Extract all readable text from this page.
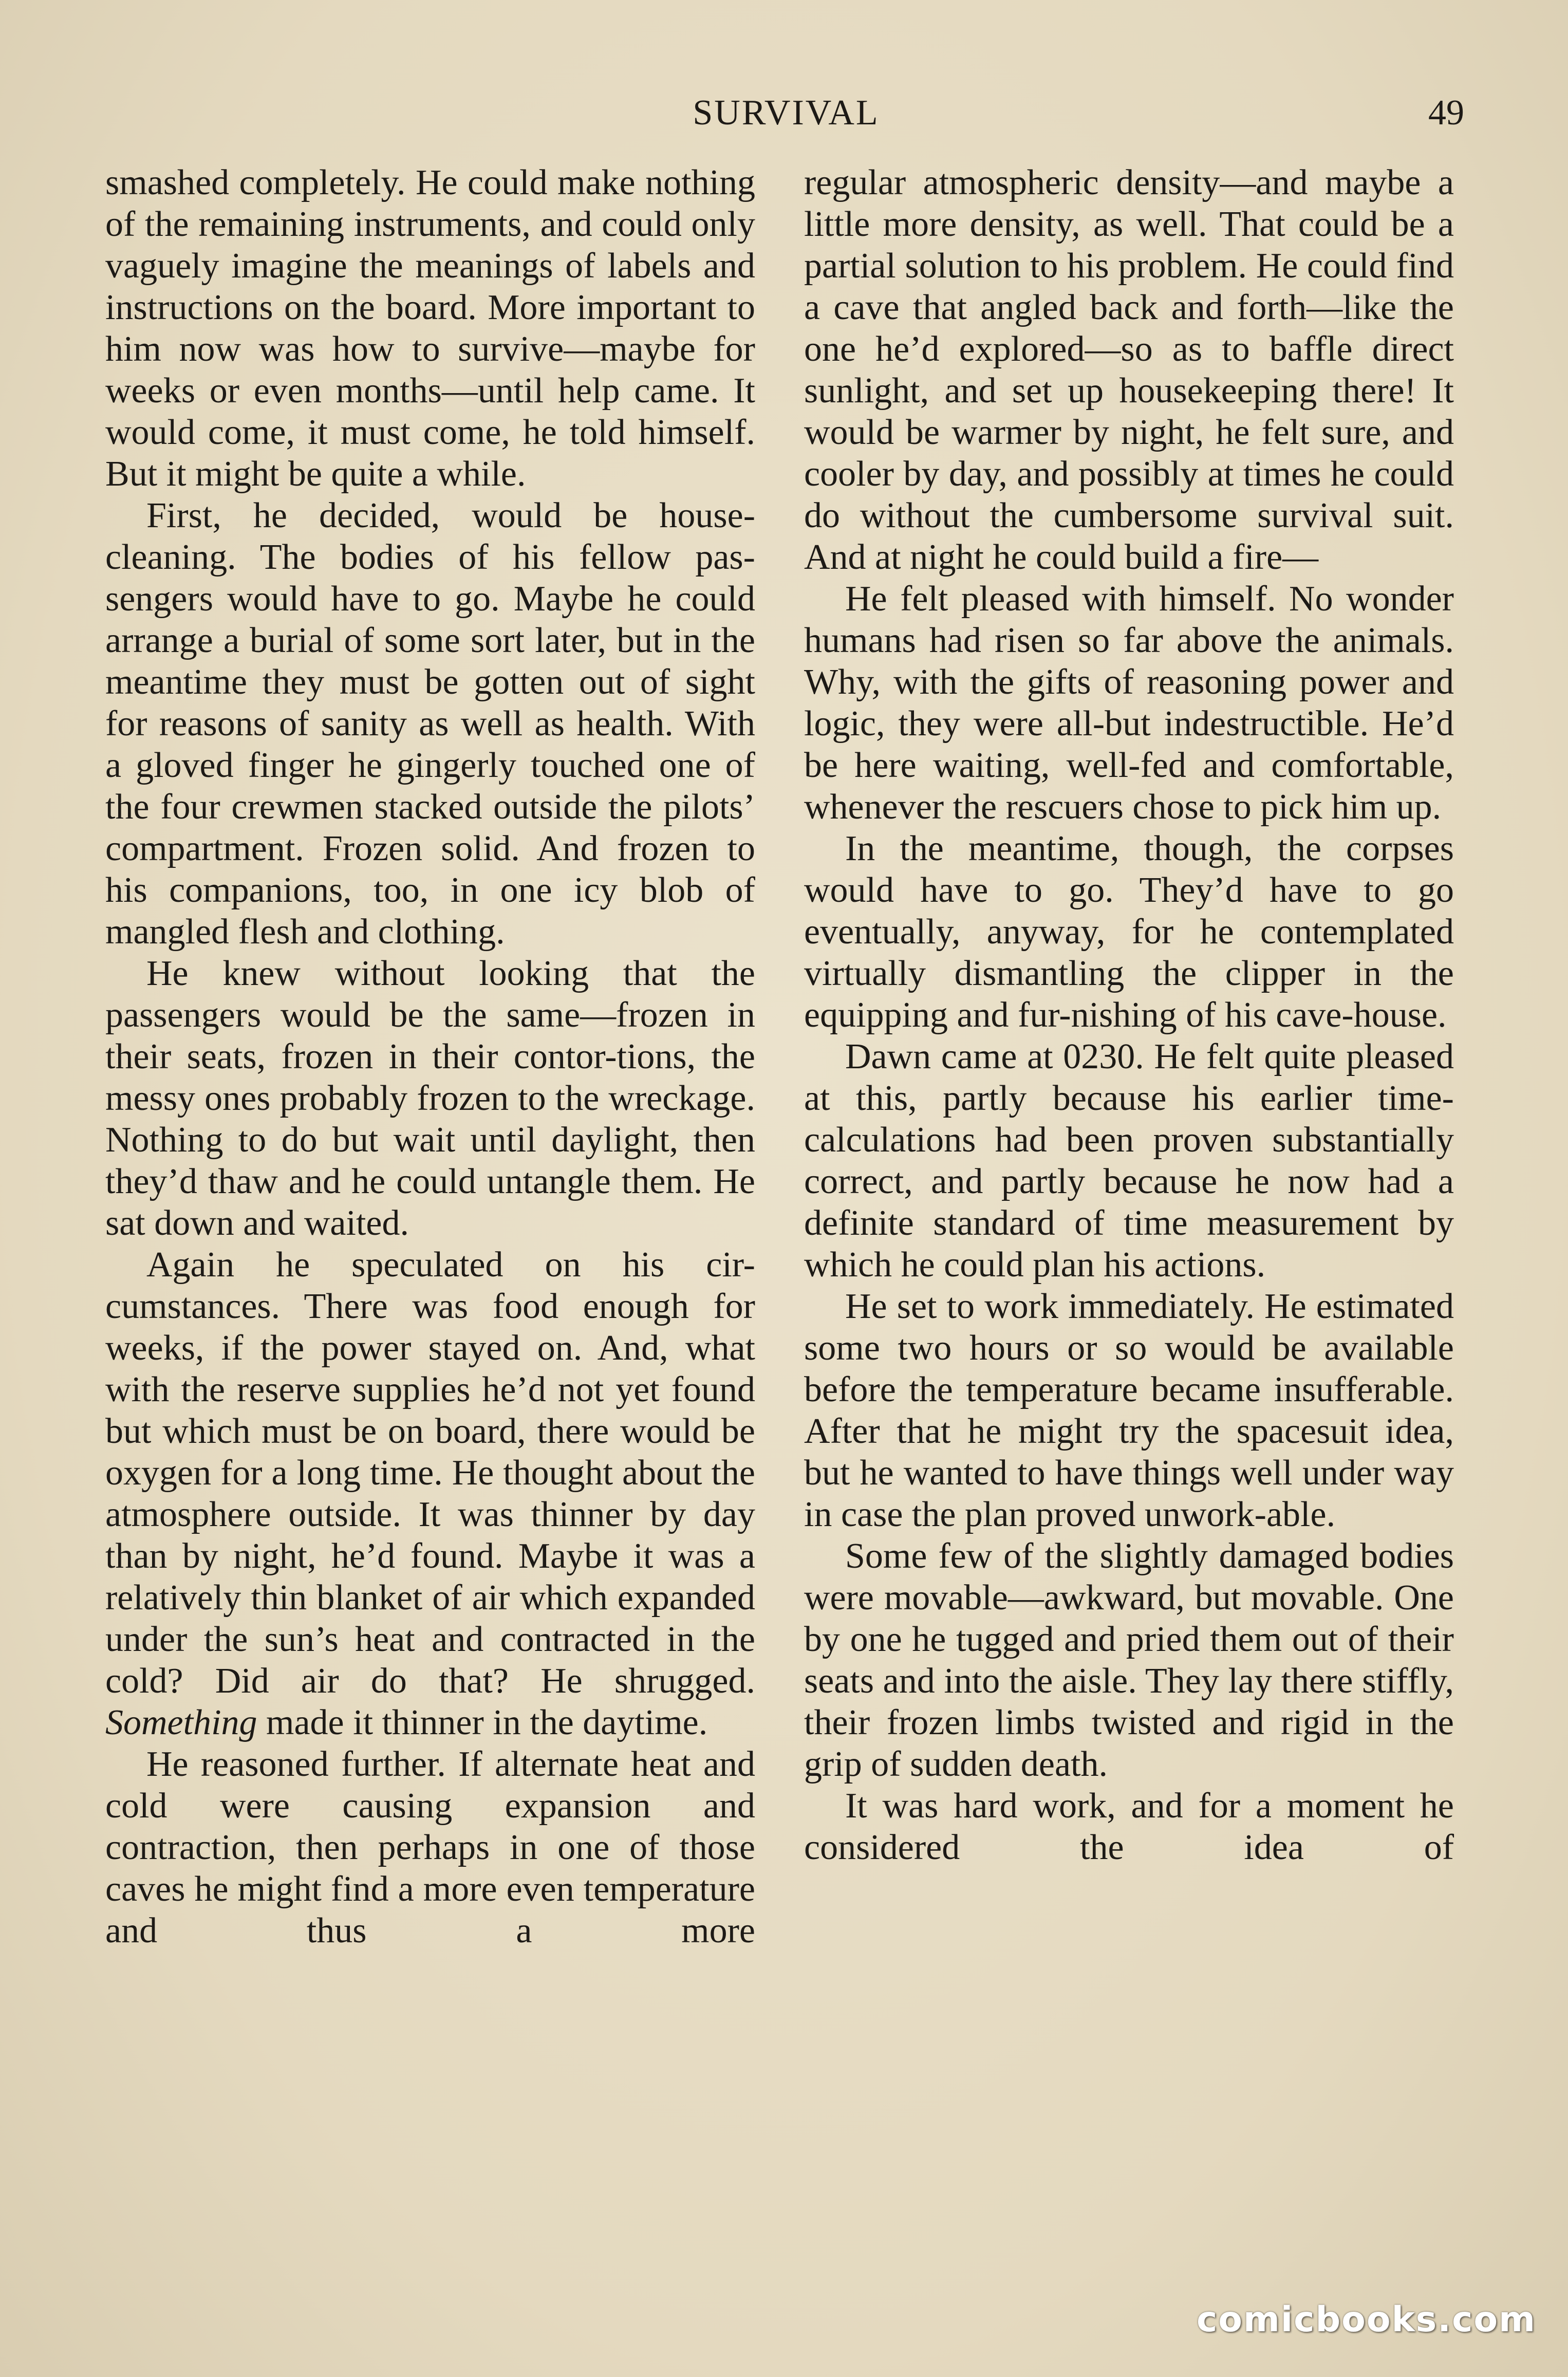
SURVIVAL	49

smashed completely. He could make nothing of the remaining instruments, and could only vaguely imagine the meanings of labels and instructions on the board. More important to him now was how to survive—maybe for weeks or even months—until help came. It would come, it must come, he told himself. But it might be quite a while.

First, he decided, would be house-cleaning. The bodies of his fellow pas-sengers would have to go. Maybe he could arrange a burial of some sort later, but in the meantime they must be gotten out of sight for reasons of sanity as well as health. With a gloved finger he gingerly touched one of the four crewmen stacked outside the pilots’ compartment. Frozen solid. And frozen to his companions, too, in one icy blob of mangled flesh and clothing.

He knew without looking that the passengers would be the same—frozen in their seats, frozen in their contor-tions, the messy ones probably frozen to the wreckage. Nothing to do but wait until daylight, then they’d thaw and he could untangle them. He sat down and waited.

Again he speculated on his cir-cumstances. There was food enough for weeks, if the power stayed on. And, what with the reserve supplies he’d not yet found but which must be on board, there would be oxygen for a long time. He thought about the atmosphere outside. It was thinner by day than by night, he’d found. Maybe it was a relatively thin blanket of air which expanded under the sun’s heat and contracted in the cold? Did air do that? He shrugged. Something made it thinner in the daytime.

He reasoned further. If alternate heat and cold were causing expansion and contraction, then perhaps in one of those caves he might find a more even temperature and thus a more

regular atmospheric density—and maybe a little more density, as well. That could be a partial solution to his problem. He could find a cave that angled back and forth—like the one he’d explored—so as to baffle direct sunlight, and set up housekeeping there! It would be warmer by night, he felt sure, and cooler by day, and possibly at times he could do without the cumbersome survival suit. And at night he could build a fire—

He felt pleased with himself. No wonder humans had risen so far above the animals. Why, with the gifts of reasoning power and logic, they were all-but indestructible. He’d be here waiting, well-fed and comfortable, whenever the rescuers chose to pick him up.

In the meantime, though, the corpses would have to go. They’d have to go eventually, anyway, for he contemplated virtually dismantling the clipper in the equipping and fur-nishing of his cave-house.

Dawn came at 0230. He felt quite pleased at this, partly because his earlier time-calculations had been proven substantially correct, and partly because he now had a definite standard of time measurement by which he could plan his actions.

He set to work immediately. He estimated some two hours or so would be available before the temperature became insufferable. After that he might try the spacesuit idea, but he wanted to have things well under way in case the plan proved unwork-able.

Some few of the slightly damaged bodies were movable—awkward, but movable. One by one he tugged and pried them out of their seats and into the aisle. They lay there stiffly, their frozen limbs twisted and rigid in the grip of sudden death.

It was hard work, and for a moment he considered the idea of

comicbooks.com
